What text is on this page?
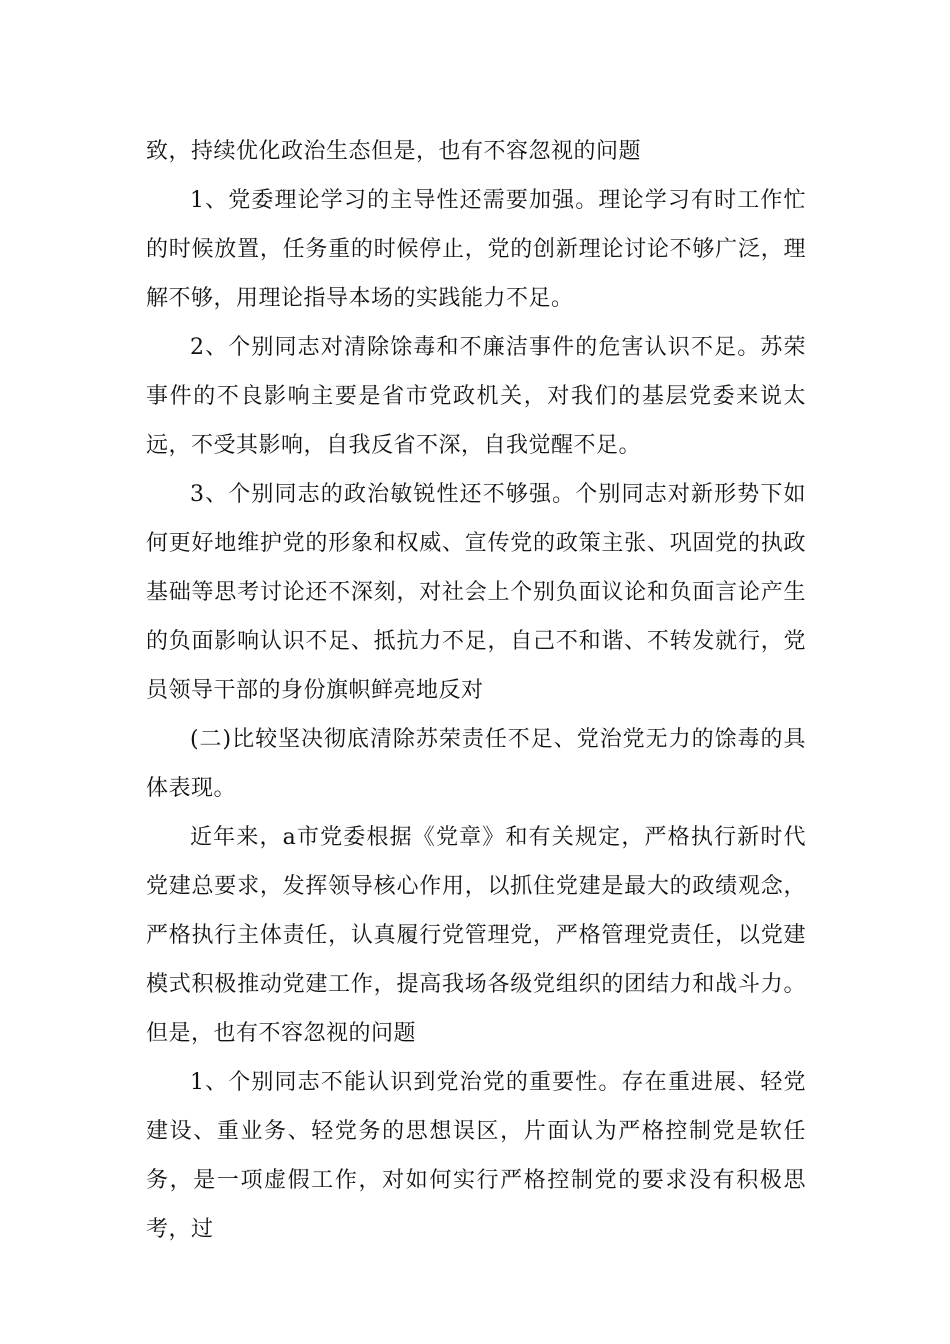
致，持续优化政治生态但是，也有不容忽视的问题

1、党委理论学习的主导性还需要加强。理论学习有时工作忙的时候放置，任务重的时候停止，党的创新理论讨论不够广泛，理解不够，用理论指导本场的实践能力不足。

2、个别同志对清除馀毒和不廉洁事件的危害认识不足。苏荣事件的不良影响主要是省市党政机关，对我们的基层党委来说太远，不受其影响，自我反省不深，自我觉醒不足。

3、个别同志的政治敏锐性还不够强。个别同志对新形势下如何更好地维护党的形象和权威、宣传党的政策主张、巩固党的执政基础等思考讨论还不深刻，对社会上个别负面议论和负面言论产生的负面影响认识不足、抵抗力不足，自己不和谐、不转发就行，党员领导干部的身份旗帜鲜亮地反对

(二)比较坚决彻底清除苏荣责任不足、党治党无力的馀毒的具体表现。

近年来，a市党委根据《党章》和有关规定，严格执行新时代党建总要求，发挥领导核心作用，以抓住党建是最大的政绩观念，严格执行主体责任，认真履行党管理党，严格管理党责任，以党建模式积极推动党建工作，提高我场各级党组织的团结力和战斗力。但是，也有不容忽视的问题

1、个别同志不能认识到党治党的重要性。存在重进展、轻党建设、重业务、轻党务的思想误区，片面认为严格控制党是软任务，是一项虚假工作，对如何实行严格控制党的要求没有积极思考，过
